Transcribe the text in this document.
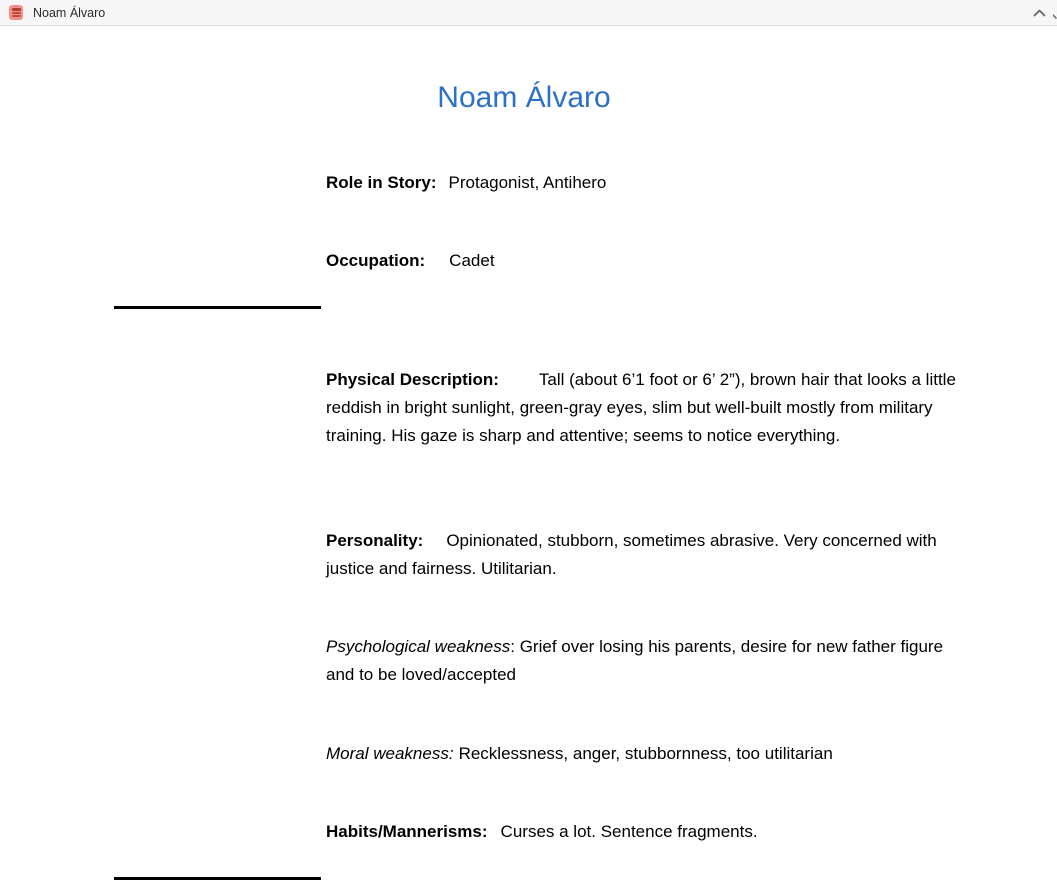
Noam Álvaro
Noam Álvaro
Role in Story: Protagonist, Antihero
Occupation: Cadet
Physical Description: Tall (about 6’1 foot or 6’ 2”), brown hair that looks a little reddish in bright sunlight, green-gray eyes, slim but well-built mostly from military training. His gaze is sharp and attentive; seems to notice everything.
Personality: Opinionated, stubborn, sometimes abrasive. Very concerned with justice and fairness. Utilitarian.
Psychological weakness: Grief over losing his parents, desire for new father figure and to be loved/accepted
Moral weakness: Recklessness, anger, stubbornness, too utilitarian
Habits/Mannerisms: Curses a lot. Sentence fragments.
